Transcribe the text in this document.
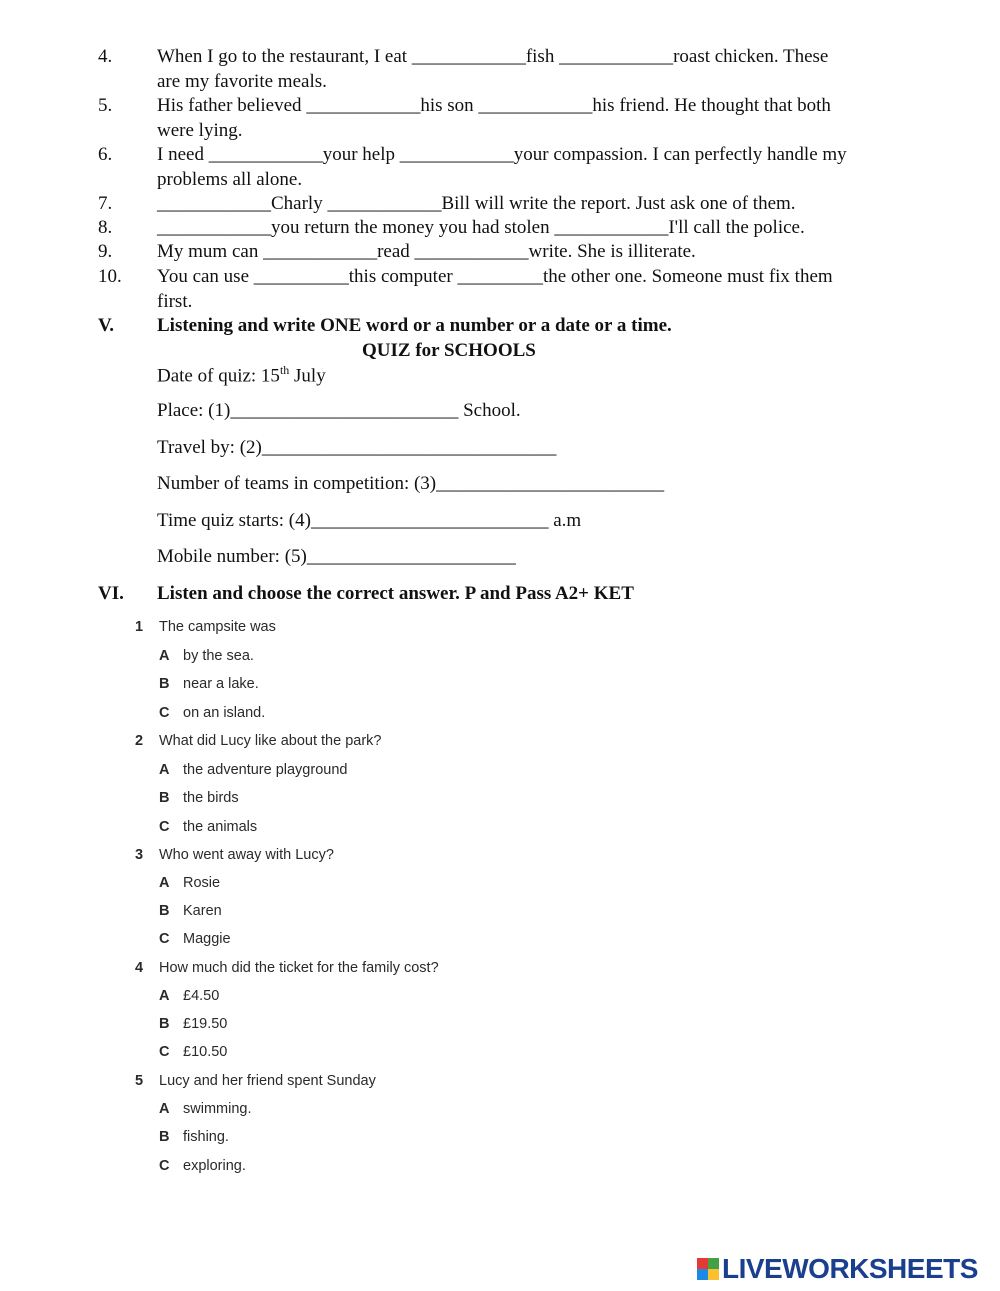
4. When I go to the restaurant, I eat ____________fish ____________roast chicken. These
are my favorite meals.
5. His father believed ____________his son ____________his friend. He thought that both
were lying.
6. I need ____________your help ____________your compassion. I can perfectly handle my
problems all alone.
7. ____________Charly ____________Bill will write the report. Just ask one of them.
8. ____________you return the money you had stolen ____________I'll call the police.
9. My mum can ____________read ____________write. She is illiterate.
10. You can use __________this computer _________the other one. Someone must fix them
first.
V. Listening and write ONE word or a number or a date or a time.
QUIZ for SCHOOLS
Date of quiz: 15th July
Place: (1)________________________ School.
Travel by: (2)_______________________________
Number of teams in competition: (3)________________________
Time quiz starts: (4)_________________________ a.m
Mobile number: (5)______________________
VI. Listen and choose the correct answer. P and Pass A2+ KET
1 The campsite was
A by the sea.
B near a lake.
C on an island.
2 What did Lucy like about the park?
A the adventure playground
B the birds
C the animals
3 Who went away with Lucy?
A Rosie
B Karen
C Maggie
4 How much did the ticket for the family cost?
A £4.50
B £19.50
C £10.50
5 Lucy and her friend spent Sunday
A swimming.
B fishing.
C exploring.
LIVEWORKSHEETS
